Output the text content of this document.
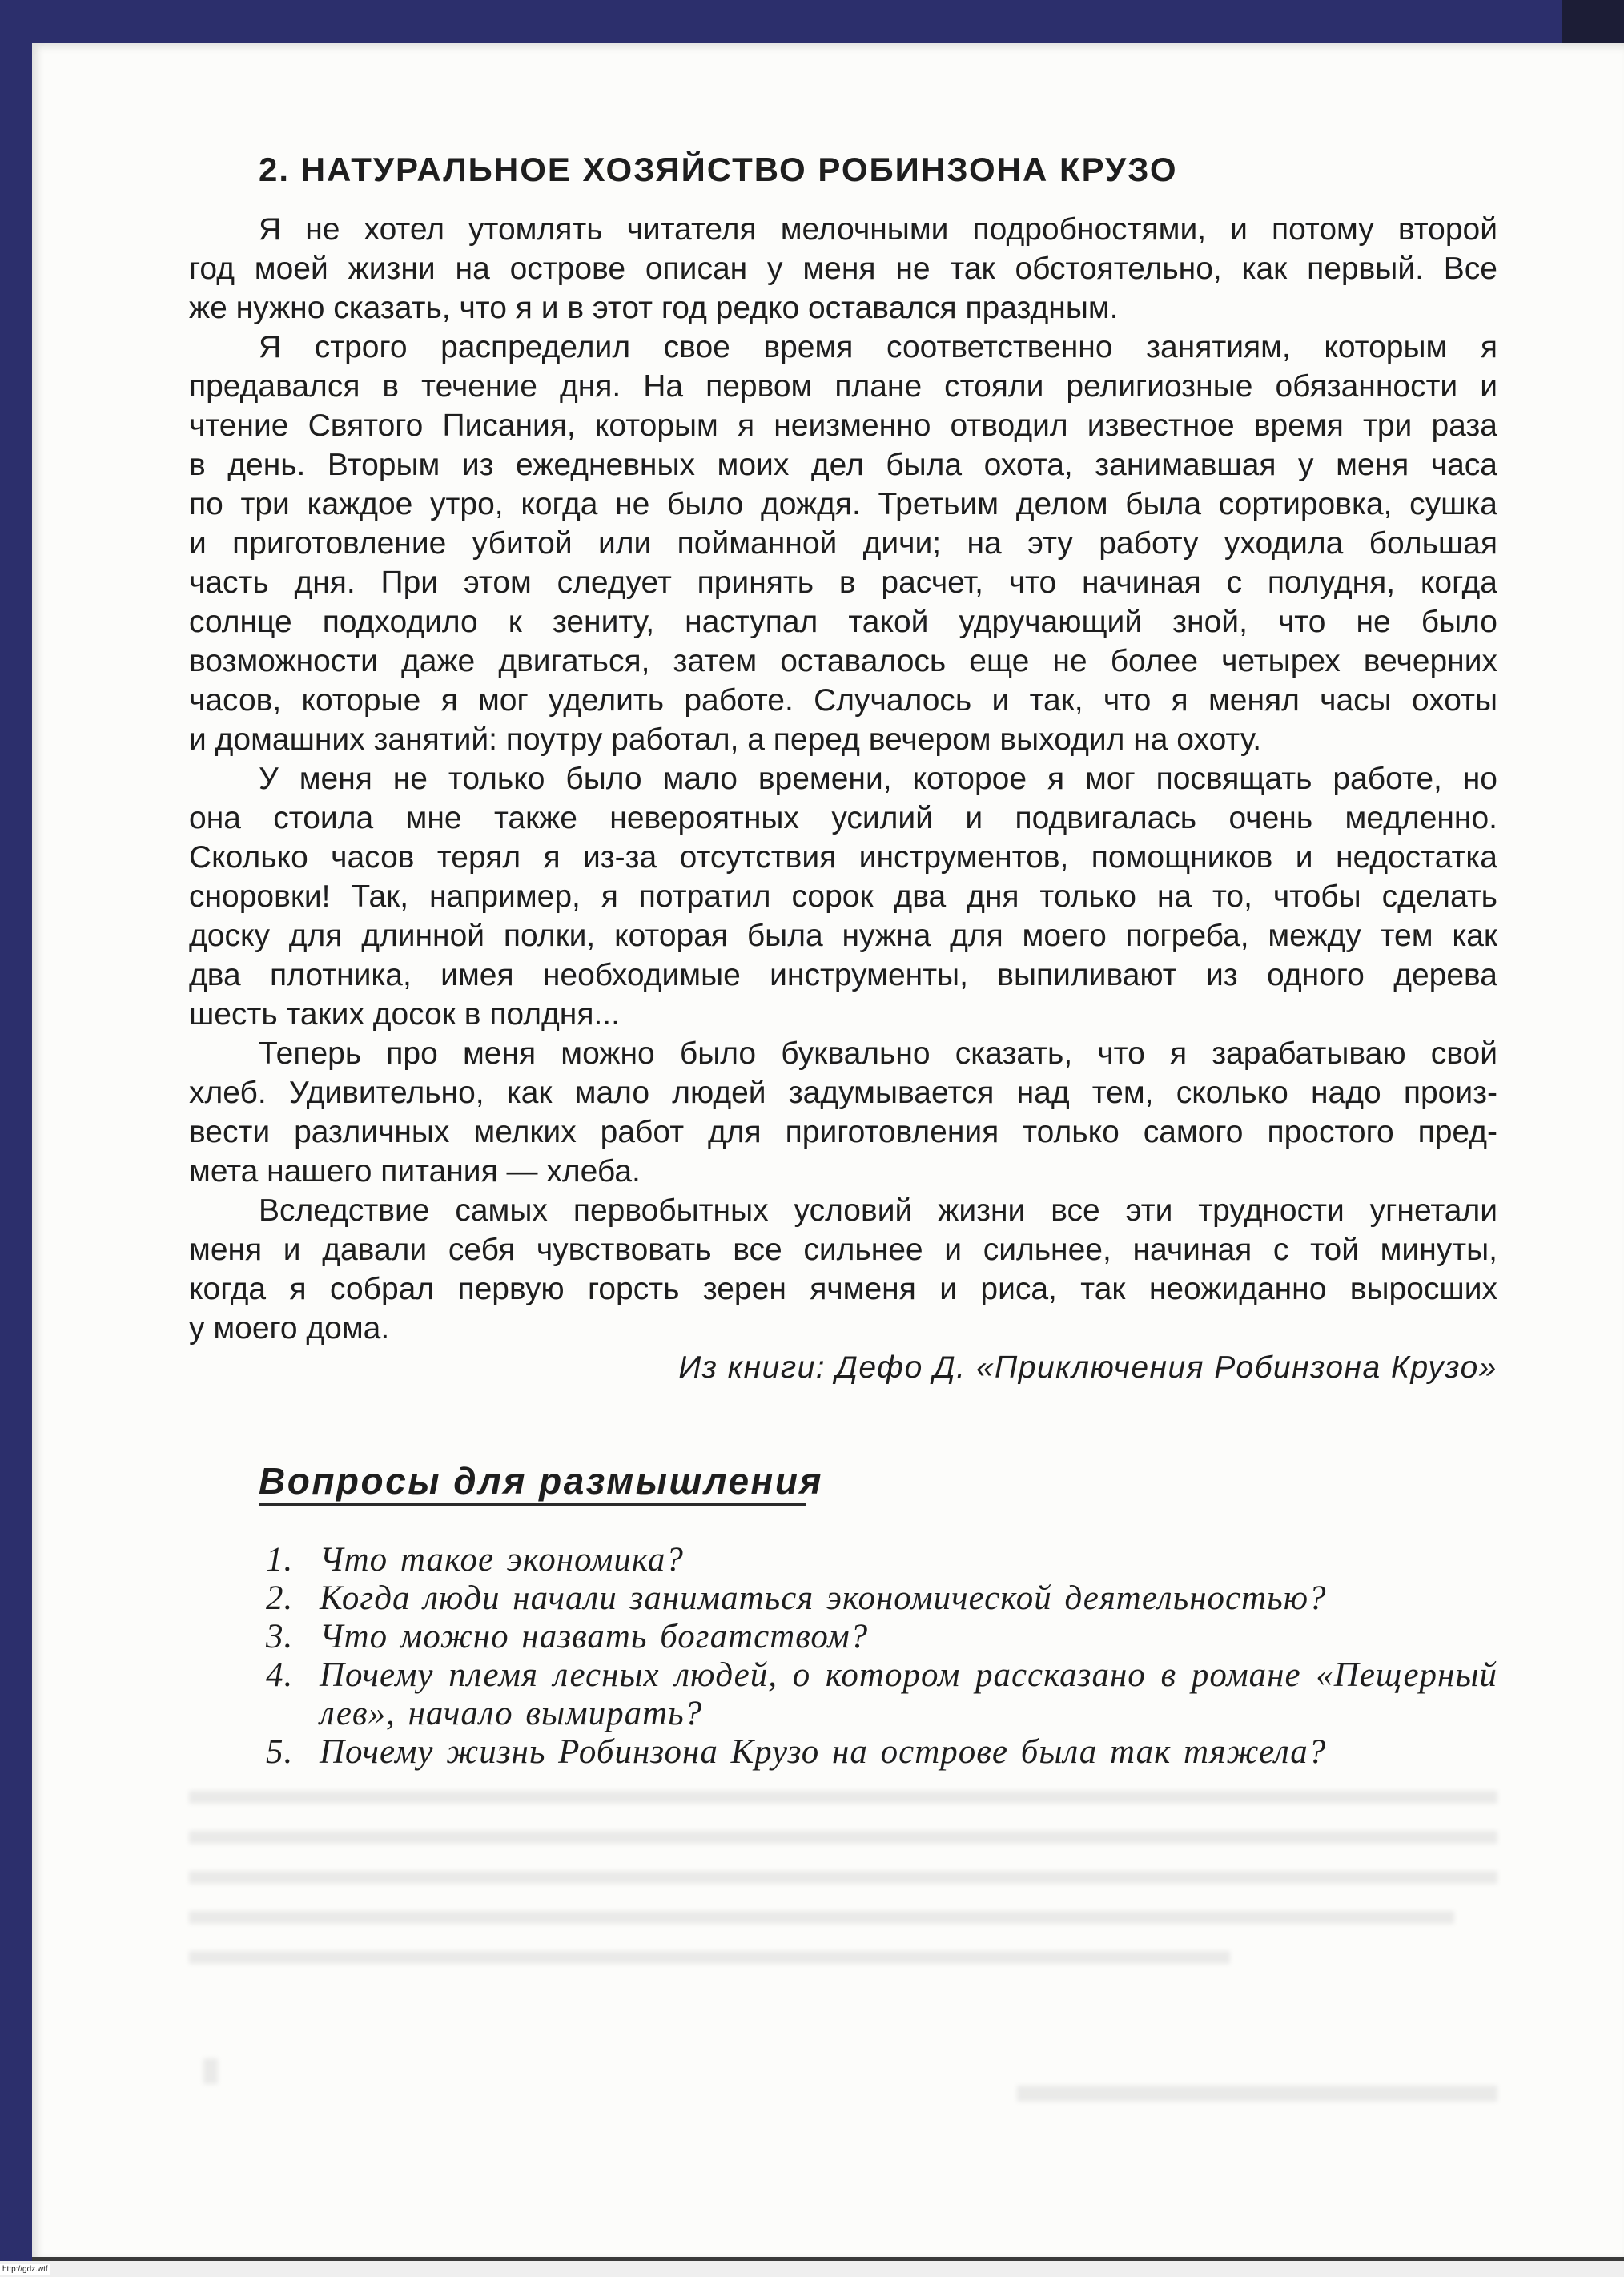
http://gdz.wtf
2. НАТУРАЛЬНОЕ ХОЗЯЙСТВО РОБИНЗОНА КРУЗО
Я не хотел утомлять читателя мелочными подробностями, и потому второй
год моей жизни на острове описан у меня не так обстоятельно, как первый. Все
же нужно сказать, что я и в этот год редко оставался праздным.
Я строго распределил свое время соответственно занятиям, которым я
предавался в течение дня. На первом плане стояли религиозные обязанности и
чтение Святого Писания, которым я неизменно отводил известное время три раза
в день. Вторым из ежедневных моих дел была охота, занимавшая у меня часа
по три каждое утро, когда не было дождя. Третьим делом была сортировка, сушка
и приготовление убитой или пойманной дичи; на эту работу уходила большая
часть дня. При этом следует принять в расчет, что начиная с полудня, когда
солнце подходило к зениту, наступал такой удручающий зной, что не было
возможности даже двигаться, затем оставалось еще не более четырех вечерних
часов, которые я мог уделить работе. Случалось и так, что я менял часы охоты
и домашних занятий: поутру работал, а перед вечером выходил на охоту.
У меня не только было мало времени, которое я мог посвящать работе, но
она стоила мне также невероятных усилий и подвигалась очень медленно.
Сколько часов терял я из-за отсутствия инструментов, помощников и недостатка
сноровки! Так, например, я потратил сорок два дня только на то, чтобы сделать
доску для длинной полки, которая была нужна для моего погреба, между тем как
два плотника, имея необходимые инструменты, выпиливают из одного дерева
шесть таких досок в полдня...
Теперь про меня можно было буквально сказать, что я зарабатываю свой
хлеб. Удивительно, как мало людей задумывается над тем, сколько надо произ-
вести различных мелких работ для приготовления только самого простого пред-
мета нашего питания — хлеба.
Вследствие самых первобытных условий жизни все эти трудности угнетали
меня и давали себя чувствовать все сильнее и сильнее, начиная с той минуты,
когда я собрал первую горсть зерен ячменя и риса, так неожиданно выросших
у моего дома.
Из книги: Дефо Д. «Приключения Робинзона Крузо»
Вопросы для размышления
1. Что такое экономика?
2. Когда люди начали заниматься экономической деятельностью?
3. Что можно назвать богатством?
4. Почему племя лесных людей, о котором рассказано в романе «Пещерный
лев», начало вымирать?
5. Почему жизнь Робинзона Крузо на острове была так тяжела?
